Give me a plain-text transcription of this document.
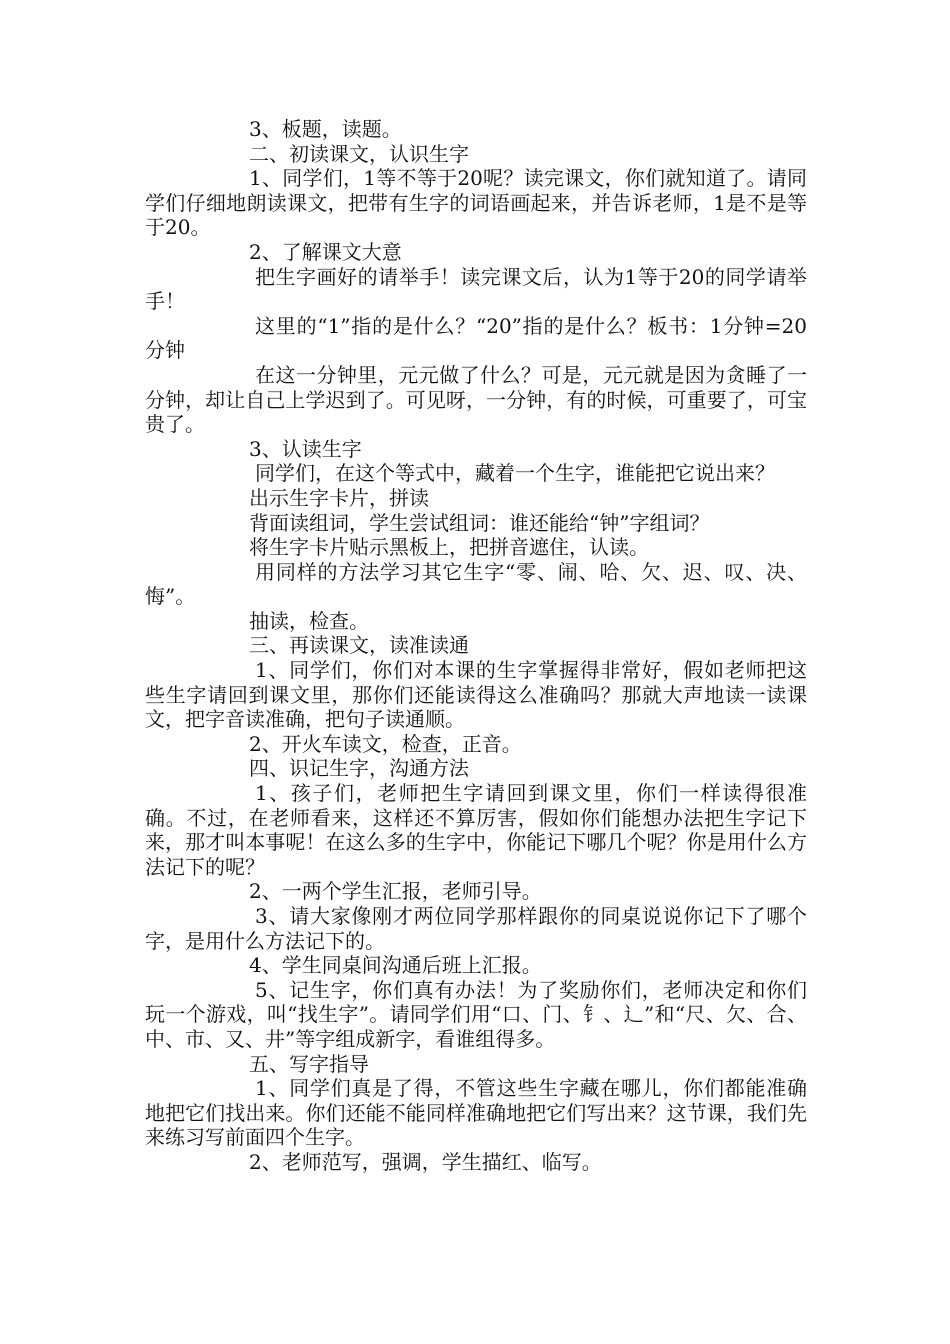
3、板题，读题。

二、初读课文，认识生字

1、同学们，1等不等于20呢？读完课文，你们就知道了。请同学们仔细地朗读课文，把带有生字的词语画起来，并告诉老师，1是不是等于20。

2、了解课文大意

把生字画好的请举手！读完课文后，认为1等于20的同学请举手！

这里的“1”指的是什么？“20”指的是什么？板书：1分钟=20分钟

在这一分钟里，元元做了什么？可是，元元就是因为贪睡了一分钟，却让自己上学迟到了。可见呀，一分钟，有的时候，可重要了，可宝贵了。

3、认读生字

同学们，在这个等式中，藏着一个生字，谁能把它说出来？

出示生字卡片，拼读

背面读组词，学生尝试组词：谁还能给“钟”字组词？

将生字卡片贴示黑板上，把拼音遮住，认读。

用同样的方法学习其它生字“零、闹、哈、欠、迟、叹、决、悔”。

抽读，检查。

三、再读课文，读准读通

1、同学们，你们对本课的生字掌握得非常好，假如老师把这些生字请回到课文里，那你们还能读得这么准确吗？那就大声地读一读课文，把字音读准确，把句子读通顺。

2、开火车读文，检查，正音。

四、识记生字，沟通方法

1、孩子们，老师把生字请回到课文里，你们一样读得很准确。不过，在老师看来，这样还不算厉害，假如你们能想办法把生字记下来，那才叫本事呢！在这么多的生字中，你能记下哪几个呢？你是用什么方法记下的呢？

2、一两个学生汇报，老师引导。

3、请大家像刚才两位同学那样跟你的同桌说说你记下了哪个字，是用什么方法记下的。

4、学生同桌间沟通后班上汇报。

5、记生字，你们真有办法！为了奖励你们，老师决定和你们玩一个游戏，叫“找生字”。请同学们用“口、门、钅、辶”和“尺、欠、合、中、市、又、井”等字组成新字，看谁组得多。

五、写字指导

1、同学们真是了得，不管这些生字藏在哪儿，你们都能准确地把它们找出来。你们还能不能同样准确地把它们写出来？这节课，我们先来练习写前面四个生字。

2、老师范写，强调，学生描红、临写。
